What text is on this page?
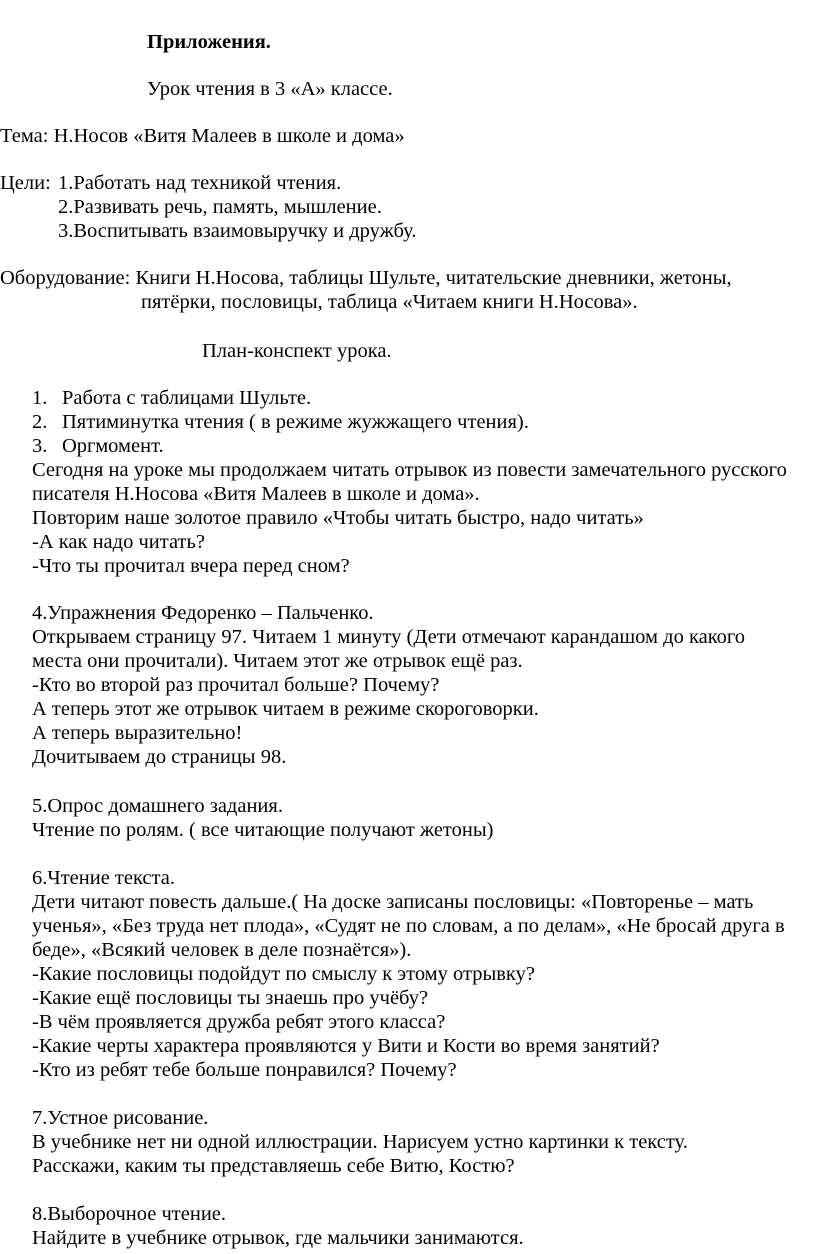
Приложения.
Урок чтения в 3 «А» классе.
Тема: Н.Носов «Витя Малеев в школе и дома»
Цели: 1.Работать над техникой чтения.
2.Развивать речь, память, мышление.
3.Воспитывать взаимовыручку и дружбу.
Оборудование: Книги Н.Носова, таблицы Шульте, читательские дневники, жетоны,
пятёрки, пословицы, таблица «Читаем книги Н.Носова».
План-конспект урока.
1. Работа с таблицами Шульте.
2. Пятиминутка чтения ( в режиме жужжащего чтения).
3. Оргмомент.
Сегодня на уроке мы продолжаем читать отрывок из повести замечательного русского
писателя Н.Носова «Витя Малеев в школе и дома».
Повторим наше золотое правило «Чтобы читать быстро, надо читать»
-А как надо читать?
-Что ты прочитал вчера перед сном?
4.Упражнения Федоренко – Пальченко.
Открываем страницу 97. Читаем 1 минуту (Дети отмечают карандашом до какого
места они прочитали). Читаем этот же отрывок ещё раз.
-Кто во второй раз прочитал больше? Почему?
А теперь этот же отрывок читаем в режиме скороговорки.
А теперь выразительно!
Дочитываем до страницы 98.
5.Опрос домашнего задания.
Чтение по ролям. ( все читающие получают жетоны)
6.Чтение текста.
Дети читают повесть дальше.( На доске записаны пословицы: «Повторенье – мать
ученья», «Без труда нет плода», «Судят не по словам, а по делам», «Не бросай друга в
беде», «Всякий человек в деле познаётся»).
-Какие пословицы подойдут по смыслу к этому отрывку?
-Какие ещё пословицы ты знаешь про учёбу?
-В чём проявляется дружба ребят этого класса?
-Какие черты характера проявляются у Вити и Кости во время занятий?
-Кто из ребят тебе больше понравился? Почему?
7.Устное рисование.
В учебнике нет ни одной иллюстрации. Нарисуем устно картинки к тексту.
Расскажи, каким ты представляешь себе Витю, Костю?
8.Выборочное чтение.
Найдите в учебнике отрывок, где мальчики занимаются.
